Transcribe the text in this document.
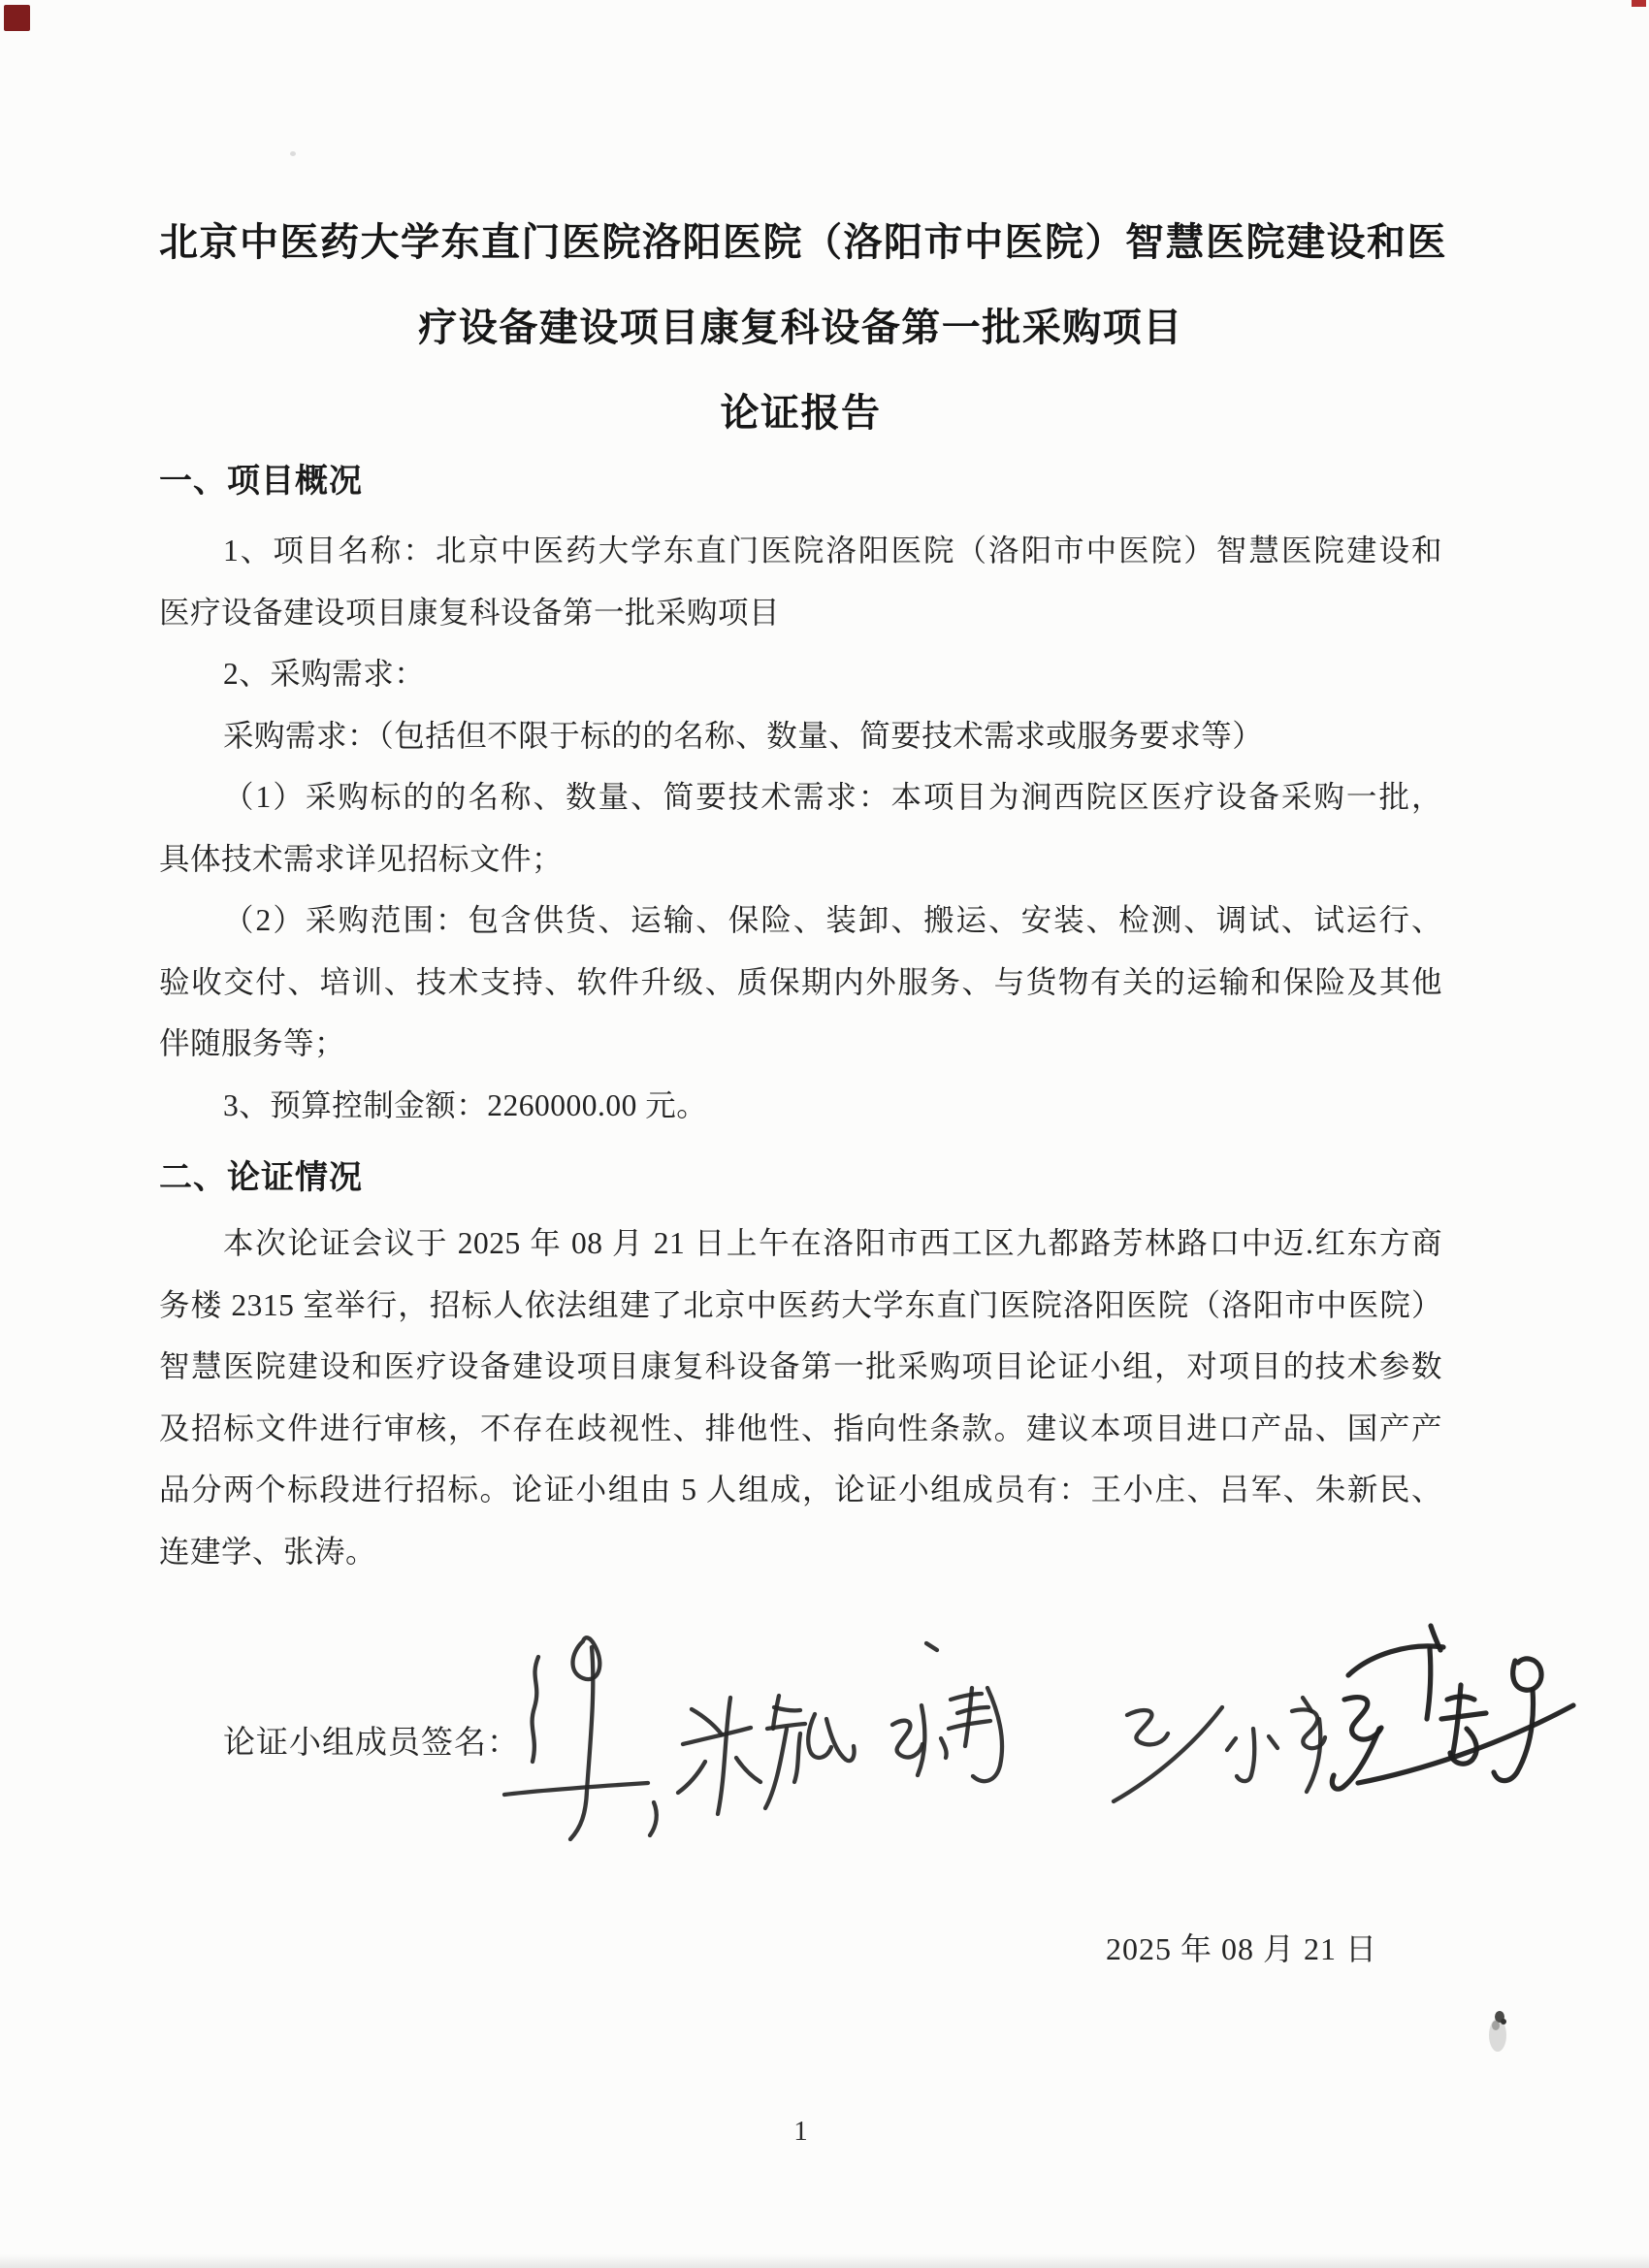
北京中医药大学东直门医院洛阳医院（洛阳市中医院）智慧医院建设和医
疗设备建设项目康复科设备第一批采购项目
论证报告
一、项目概况
1、项目名称：北京中医药大学东直门医院洛阳医院（洛阳市中医院）智慧医院建设和
医疗设备建设项目康复科设备第一批采购项目
2、采购需求：
采购需求：（包括但不限于标的的名称、数量、简要技术需求或服务要求等）
（1）采购标的的名称、数量、简要技术需求：本项目为涧西院区医疗设备采购一批，
具体技术需求详见招标文件；
（2）采购范围：包含供货、运输、保险、装卸、搬运、安装、检测、调试、试运行、
验收交付、培训、技术支持、软件升级、质保期内外服务、与货物有关的运输和保险及其他
伴随服务等；
3、预算控制金额：2260000.00 元。
二、论证情况
本次论证会议于 2025 年 08 月 21 日上午在洛阳市西工区九都路芳林路口中迈.红东方商
务楼 2315 室举行，招标人依法组建了北京中医药大学东直门医院洛阳医院（洛阳市中医院）
智慧医院建设和医疗设备建设项目康复科设备第一批采购项目论证小组，对项目的技术参数
及招标文件进行审核，不存在歧视性、排他性、指向性条款。建议本项目进口产品、国产产
品分两个标段进行招标。论证小组由 5 人组成，论证小组成员有：王小庄、吕军、朱新民、
连建学、张涛。
论证小组成员签名：
2025 年 08 月 21 日
1
